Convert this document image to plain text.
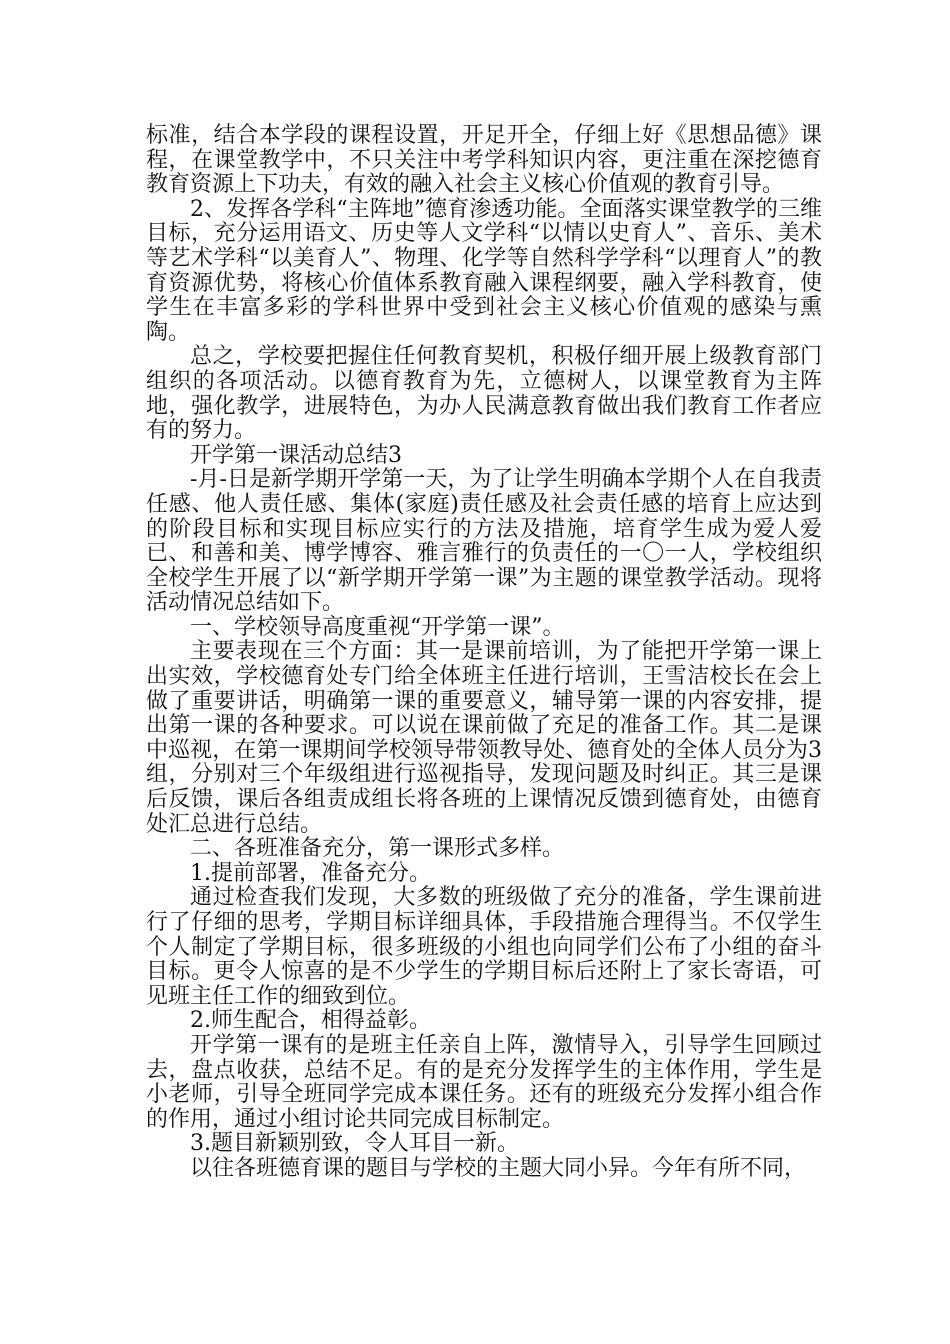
标准，结合本学段的课程设置，开足开全，仔细上好《思想品德》课程，在课堂教学中，不只关注中考学科知识内容，更注重在深挖德育教育资源上下功夫，有效的融入社会主义核心价值观的教育引导。

2、发挥各学科“主阵地”德育渗透功能。全面落实课堂教学的三维目标，充分运用语文、历史等人文学科“以情以史育人”、音乐、美术等艺术学科“以美育人”、物理、化学等自然科学学科“以理育人”的教育资源优势，将核心价值体系教育融入课程纲要，融入学科教育，使学生在丰富多彩的学科世界中受到社会主义核心价值观的感染与熏陶。

总之，学校要把握住任何教育契机，积极仔细开展上级教育部门组织的各项活动。以德育教育为先，立德树人，以课堂教育为主阵地，强化教学，进展特色，为办人民满意教育做出我们教育工作者应有的努力。

开学第一课活动总结3

-月-日是新学期开学第一天，为了让学生明确本学期个人在自我责任感、他人责任感、集体(家庭)责任感及社会责任感的培育上应达到的阶段目标和实现目标应实行的方法及措施，培育学生成为爱人爱已、和善和美、博学博容、雅言雅行的负责任的一〇一人，学校组织全校学生开展了以“新学期开学第一课”为主题的课堂教学活动。现将活动情况总结如下。

一、学校领导高度重视“开学第一课”。

主要表现在三个方面：其一是课前培训，为了能把开学第一课上出实效，学校德育处专门给全体班主任进行培训，王雪洁校长在会上做了重要讲话，明确第一课的重要意义，辅导第一课的内容安排，提出第一课的各种要求。可以说在课前做了充足的准备工作。其二是课中巡视，在第一课期间学校领导带领教导处、德育处的全体人员分为3组，分别对三个年级组进行巡视指导，发现问题及时纠正。其三是课后反馈，课后各组责成组长将各班的上课情况反馈到德育处，由德育处汇总进行总结。

二、各班准备充分，第一课形式多样。

1.提前部署，准备充分。

通过检查我们发现，大多数的班级做了充分的准备，学生课前进行了仔细的思考，学期目标详细具体，手段措施合理得当。不仅学生个人制定了学期目标，很多班级的小组也向同学们公布了小组的奋斗目标。更令人惊喜的是不少学生的学期目标后还附上了家长寄语，可见班主任工作的细致到位。

2.师生配合，相得益彰。

开学第一课有的是班主任亲自上阵，激情导入，引导学生回顾过去，盘点收获，总结不足。有的是充分发挥学生的主体作用，学生是小老师，引导全班同学完成本课任务。还有的班级充分发挥小组合作的作用，通过小组讨论共同完成目标制定。

3.题目新颖别致，令人耳目一新。

以往各班德育课的题目与学校的主题大同小异。今年有所不同，
